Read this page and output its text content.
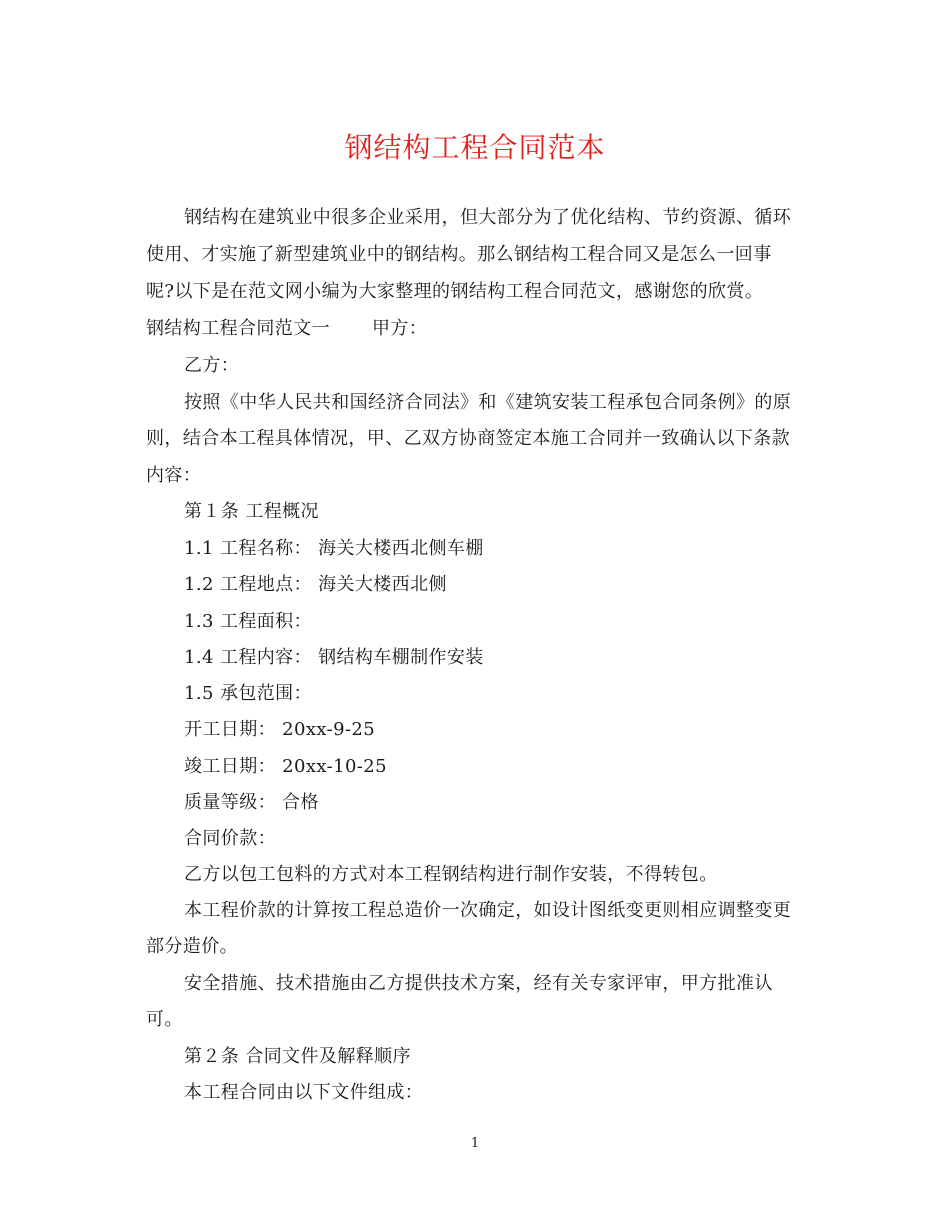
钢结构工程合同范本
钢结构在建筑业中很多企业采用，但大部分为了优化结构、节约资源、循环
使用、才实施了新型建筑业中的钢结构。那么钢结构工程合同又是怎么一回事
呢?以下是在范文网小编为大家整理的钢结构工程合同范文，感谢您的欣赏。
钢结构工程合同范文一 甲方：
乙方：
按照《中华人民共和国经济合同法》和《建筑安装工程承包合同条例》的原
则，结合本工程具体情况，甲、乙双方协商签定本施工合同并一致确认以下条款
内容：
第１条 工程概况
1.1 工程名称： 海关大楼西北侧车棚
1.2 工程地点： 海关大楼西北侧
1.3 工程面积：
1.4 工程内容： 钢结构车棚制作安装
1.5 承包范围：
开工日期： 20xx-9-25
竣工日期： 20xx-10-25
质量等级： 合格
合同价款：
乙方以包工包料的方式对本工程钢结构进行制作安装，不得转包。
本工程价款的计算按工程总造价一次确定，如设计图纸变更则相应调整变更
部分造价。
安全措施、技术措施由乙方提供技术方案，经有关专家评审，甲方批准认
可。
第２条 合同文件及解释顺序
本工程合同由以下文件组成：
1
